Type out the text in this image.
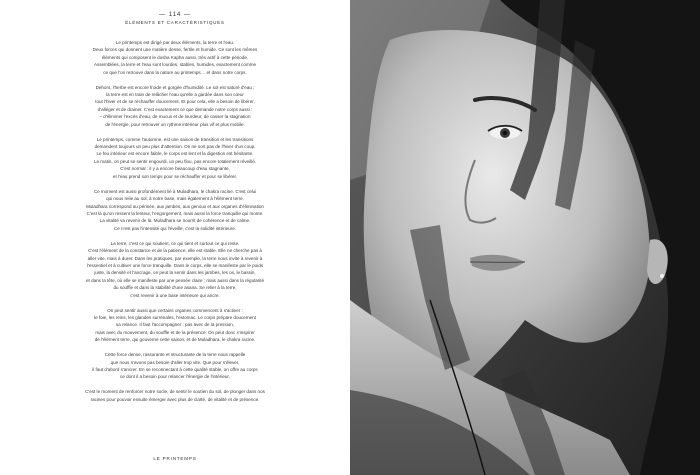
— 114 —
ÉLÉMENTS ET CARACTÉRISTIQUES

Le printemps est dirigé par deux éléments, la terre et l'eau.
Deux forces qui donnent une matière dense, fertile et humide. Ce sont les mêmes
éléments qui composent le dosha Kapha aussi, très actif à cette période.
Assemblées, la terre et l'eau sont lourdes, stables, humides, exactement comme
ce que l'on retrouve dans la nature au printemps… et dans notre corps.

Dehors, l'herbe est encore froide et gorgée d'humidité. Le sol est saturé d'eau ;
la terre est en train de relâcher l'eau qu'elle a gardée dans son cœur
tout l'hiver et de se réchauffer doucement. Et pour cela, elle a besoin de libérer,
d'alléger et de drainer. C'est exactement ce que demande notre corps aussi :
– d'éliminer l'excès d'eau, de mucus et de lourdeur, de casser la stagnation
de l'énergie, pour retrouver un rythme intérieur plus vif et plus mobile.

Le printemps, comme l'automne, est une saison de transition et les transitions
demandent toujours un peu plus d'attention. On ne sort pas de l'hiver d'un coup.
Le feu intérieur est encore faible, le corps est lent et la digestion est hésitante.
Le matin, on peut se sentir engourdi, un peu flou, pas encore totalement réveillé.
C'est normal : il y a encore beaucoup d'eau stagnante,
et l'eau prend son temps pour se réchauffer et pour se libérer.

Ce moment est aussi profondément lié à Muladhara, le chakra racine. C'est celui
qui nous relie au sol, à notre base, mais également à l'élément terre.
Muladhara correspond au périnée, aux jambes, aux genoux et aux organes d'élimination
C'est là qu'on ressent la lenteur, l'engorgement, mais aussi la force tranquille qui monte.
La vitalité va revenir de là. Muladhara se nourrit de cohérence et de calme.
Ce n'est pas l'intensité qui l'éveille, c'est la solidité intérieure.

La terre, c'est ce qui soutient, ce qui tient et surtout ce qui reste.
C'est l'élément de la constance et de la patience, elle est stable. Elle ne cherche pas à
aller vite, mais à durer. Dans les pratiques, par exemple, la terre nous invite à revenir à
l'essentiel et à cultiver une force tranquille. Dans le corps, elle se manifeste par le poids
juste, la densité et l'ancrage, on peut la sentir dans les jambes, les os, le bassin,
et dans la tête, où elle se manifeste par une pensée claire ; mais aussi dans la régularité
du souffle et dans la stabilité d'une asana. Se relier à la terre,
c'est revenir à une base intérieure qui ancre.

On peut sentir aussi que certains organes commencent à s'activer :
le foie, les reins, les glandes surrénales, l'estomac. Le corps prépare doucement
sa relance. Il faut l'accompagner : pas avec de la pression,
mais avec du mouvement, du souffle et de la présence. On peut donc s'inspirer
de l'élément terre, qui gouverne cette saison, et de Muladhara, le chakra racine.

Cette force dense, rassurante et structurante de la terre nous rappelle
que nous n'avons pas besoin d'aller trop vite. Que pour s'élever,
il faut d'abord s'ancrer. En se reconnectant à cette qualité stable, on offre au corps
ce dont il a besoin pour relancer l'énergie de l'intérieur.

C'est le moment de renforcer notre socle, de sentir le soutien du sol, de plonger dans nos
racines pour pouvoir ensuite émerger avec plus de clarté, de vitalité et de présence.

LE PRINTEMPS
